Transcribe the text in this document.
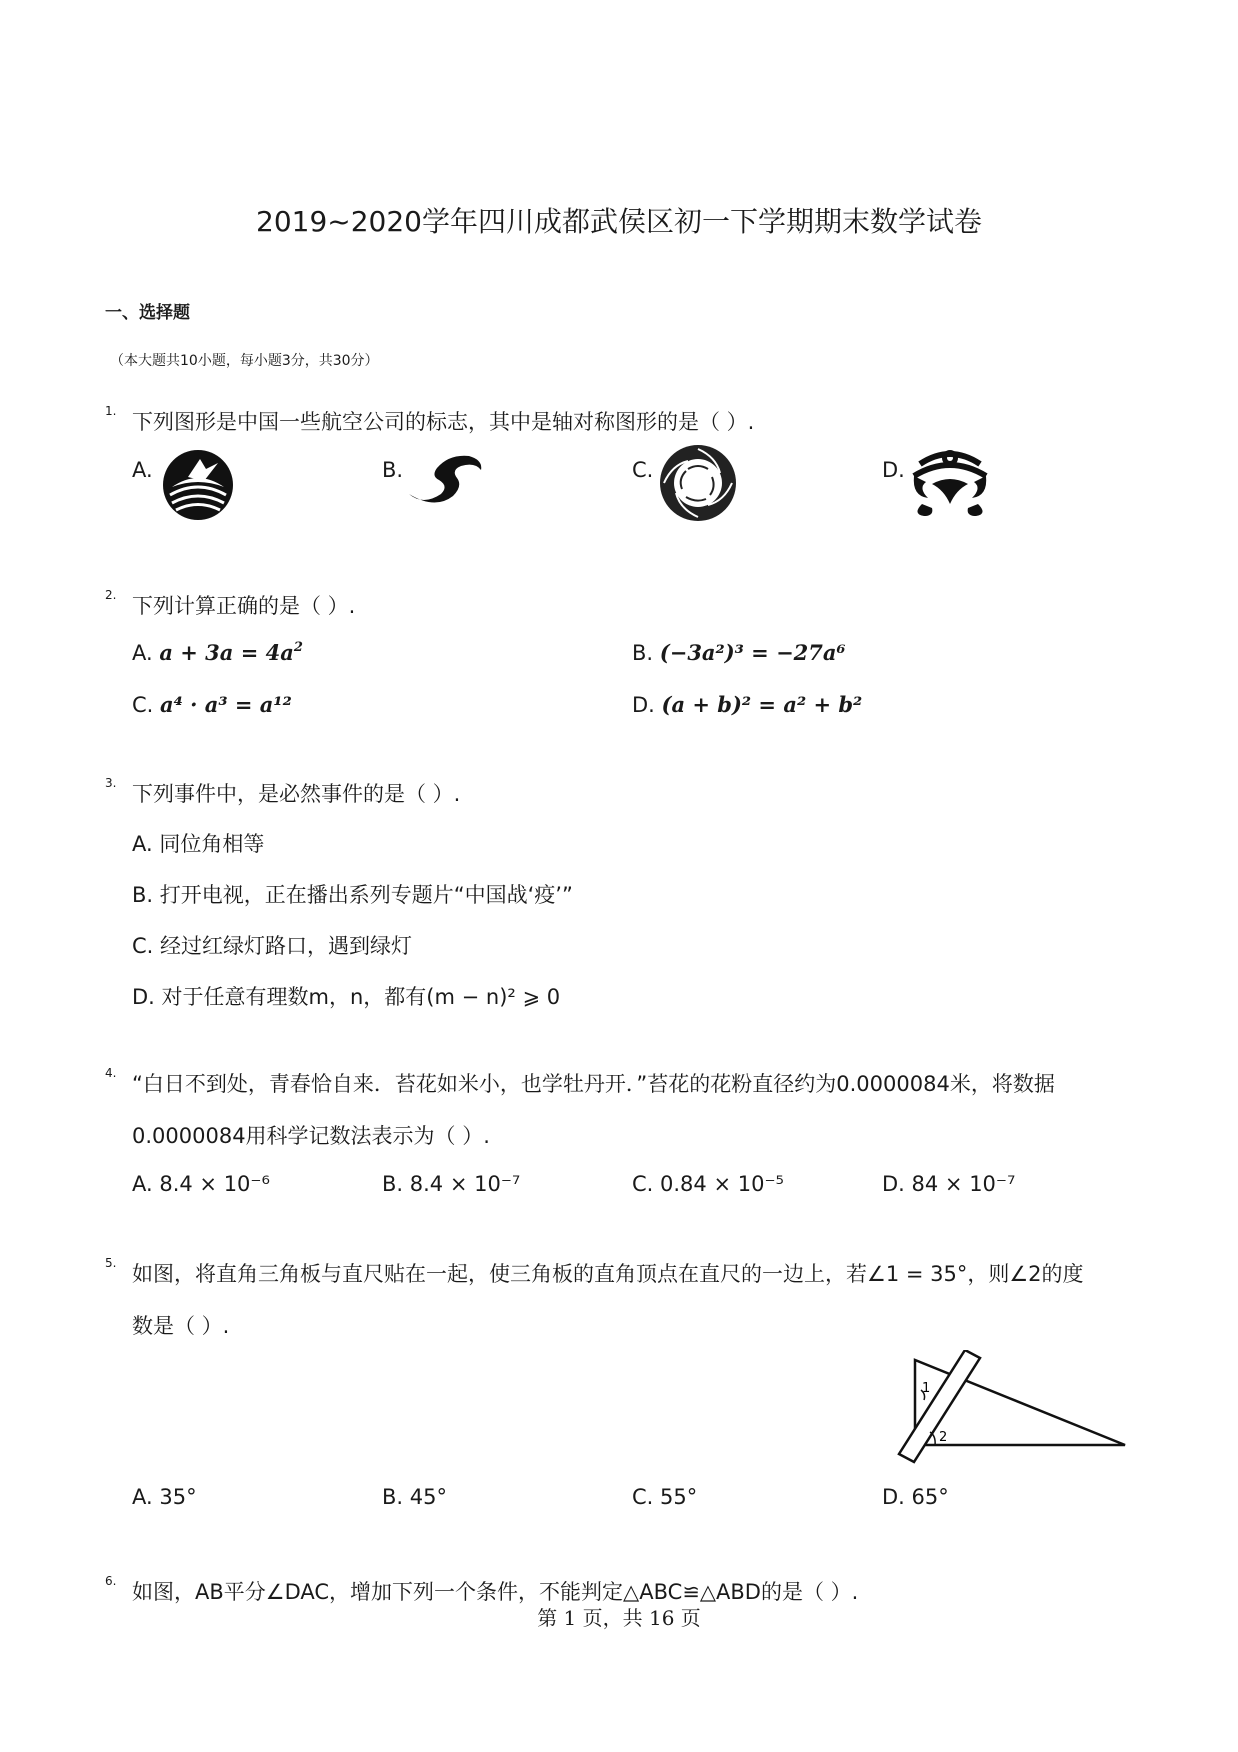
2019~2020学年四川成都武侯区初一下学期期末数学试卷
一、选择题
（本大题共10小题，每小题3分，共30分）
1. 下列图形是中国一些航空公司的标志，其中是轴对称图形的是（ ）.
A.	B.	C.	D.
2. 下列计算正确的是（ ）.
A. $a + 3a = 4a^2$	B. (−3a²)³ = −27a⁶
C. a⁴ · a³ = a¹²	D. (a + b)² = a² + b²
3. 下列事件中，是必然事件的是（ ）.
A. 同位角相等
B. 打开电视，正在播出系列专题片“中国战‘疫’”
C. 经过红绿灯路口，遇到绿灯
D. 对于任意有理数m，n，都有(m − n)² ⩾ 0
4. “白日不到处，青春恰自来．苔花如米小，也学牡丹开．”苔花的花粉直径约为0.0000084米，将数据
0.0000084用科学记数法表示为（ ）.
A. 8.4 × 10⁻⁶	B. 8.4 × 10⁻⁷	C. 0.84 × 10⁻⁵	D. 84 × 10⁻⁷
5. 如图，将直角三角板与直尺贴在一起，使三角板的直角顶点在直尺的一边上，若∠1 = 35°，则∠2的度
数是（ ）.
1
2
A. 35°	B. 45°	C. 55°	D. 65°
6. 如图，AB平分∠DAC，增加下列一个条件，不能判定△ABC≌△ABD的是（ ）.
第 1 页，共 16 页
